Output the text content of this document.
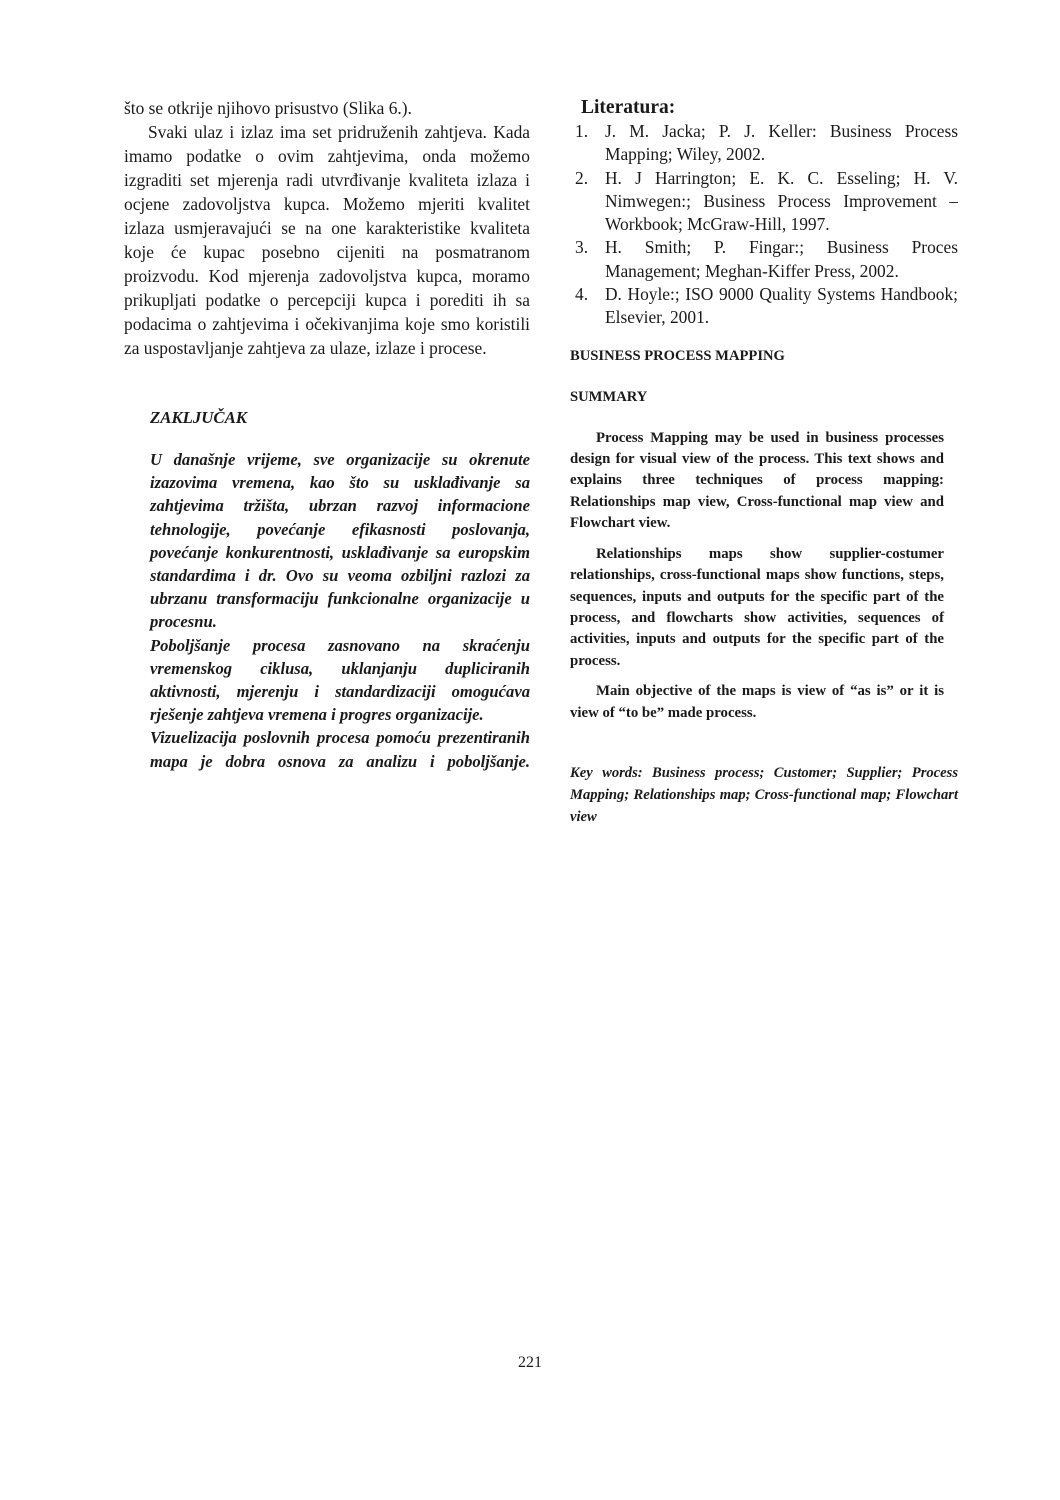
što se otkrije njihovo prisustvo (Slika 6.).

Svaki ulaz i izlaz ima set pridruženih zahtjeva. Kada imamo podatke o ovim zahtjevima, onda možemo izgraditi set mjerenja radi utvrđivanje kvaliteta izlaza i ocjene zadovoljstva kupca. Možemo mjeriti kvalitet izlaza usmjeravajući se na one karakteristike kvaliteta koje će kupac posebno cijeniti na posmatranom proizvodu. Kod mjerenja zadovoljstva kupca, moramo prikupljati podatke o percepciji kupca i porediti ih sa podacima o zahtjevima i očekivanjima koje smo koristili za uspostavljanje zahtjeva za ulaze, izlaze i procese.

ZAKLJUČAK

U današnje vrijeme, sve organizacije su okrenute izazovima vremena, kao što su usklađivanje sa zahtjevima tržišta, ubrzan razvoj informacione tehnologije, povećanje efikasnosti poslovanja, povećanje konkurentnosti, usklađivanje sa europskim standardima i dr. Ovo su veoma ozbiljni razlozi za ubrzanu transformaciju funkcionalne organizacije u procesnu.

Poboljšanje procesa zasnovano na skraćenju vremenskog ciklusa, uklanjanju dupliciranih aktivnosti, mjerenju i standardizaciji omogućava rješenje zahtjeva vremena i progres organizacije.

Vizuelizacija poslovnih procesa pomoću prezentiranih mapa je dobra osnova za analizu i poboljšanje.

Literatura:
1. J. M. Jacka; P. J. Keller: Business Process Mapping; Wiley, 2002.
2. H. J Harrington; E. K. C. Esseling; H. V. Nimwegen:; Business Process Improvement – Workbook; McGraw-Hill, 1997.
3. H. Smith; P. Fingar:; Business Proces Management; Meghan-Kiffer Press, 2002.
4. D. Hoyle:; ISO 9000 Quality Systems Handbook; Elsevier, 2001.
BUSINESS PROCESS MAPPING
SUMMARY

Process Mapping may be used in business processes design for visual view of the process. This text shows and explains three techniques of process mapping: Relationships map view, Cross-functional map view and Flowchart view.

Relationships maps show supplier-costumer relationships, cross-functional maps show functions, steps, sequences, inputs and outputs for the specific part of the process, and flowcharts show activities, sequences of activities, inputs and outputs for the specific part of the process.

Main objective of the maps is view of “as is” or it is view of “to be” made process.

Key words: Business process; Customer; Supplier; Process Mapping; Relationships map; Cross-functional map; Flowchart view
221
